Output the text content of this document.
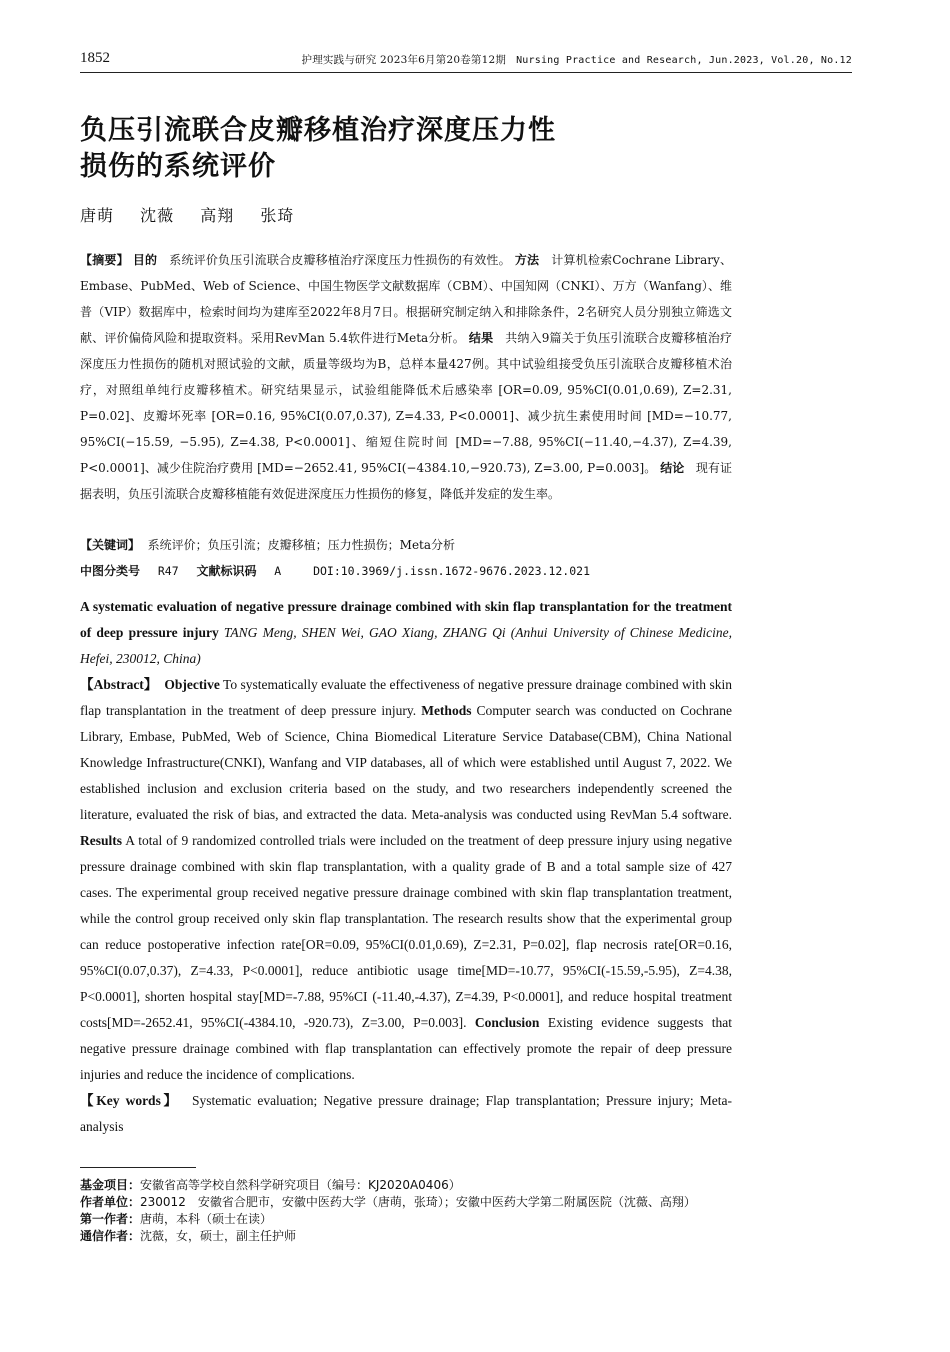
1852	护理实践与研究 2023年6月第20卷第12期 Nursing Practice and Research, Jun.2023, Vol.20, No.12
负压引流联合皮瓣移植治疗深度压力性
损伤的系统评价
唐萌 沈薇 高翔 张琦

【摘要】 目的 系统评价负压引流联合皮瓣移植治疗深度压力性损伤的有效性。 方法 计算机检索Cochrane Library、Embase、PubMed、Web of Science、中国生物医学文献数据库（CBM）、中国知网（CNKI）、万方（Wanfang）、维普（VIP）数据库中，检索时间均为建库至2022年8月7日。根据研究制定纳入和排除条件，2名研究人员分别独立筛选文献、评价偏倚风险和提取资料。采用RevMan 5.4软件进行Meta分析。 结果 共纳入9篇关于负压引流联合皮瓣移植治疗深度压力性损伤的随机对照试验的文献，质量等级均为B，总样本量427例。其中试验组接受负压引流联合皮瓣移植术治疗，对照组单纯行皮瓣移植术。研究结果显示，试验组能降低术后感染率 [OR=0.09, 95%CI(0.01,0.69), Z=2.31, P=0.02]、皮瓣坏死率 [OR=0.16, 95%CI(0.07,0.37), Z=4.33, P<0.0001]、减少抗生素使用时间 [MD=−10.77, 95%CI(−15.59, −5.95), Z=4.38, P<0.0001]、缩短住院时间 [MD=−7.88, 95%CI(−11.40,−4.37), Z=4.39, P<0.0001]、减少住院治疗费用 [MD=−2652.41, 95%CI(−4384.10,−920.73), Z=3.00, P=0.003]。 结论 现有证据表明，负压引流联合皮瓣移植能有效促进深度压力性损伤的修复，降低并发症的发生率。

【关键词】 系统评价；负压引流；皮瓣移植；压力性损伤；Meta分析
中图分类号 R47 文献标识码 A	DOI:10.3969/j.issn.1672-9676.2023.12.021

A systematic evaluation of negative pressure drainage combined with skin flap transplantation for the treatment of deep pressure injury TANG Meng, SHEN Wei, GAO Xiang, ZHANG Qi (Anhui University of Chinese Medicine, Hefei, 230012, China)

【Abstract】 Objective To systematically evaluate the effectiveness of negative pressure drainage combined with skin flap transplantation in the treatment of deep pressure injury. Methods Computer search was conducted on Cochrane Library, Embase, PubMed, Web of Science, China Biomedical Literature Service Database(CBM), China National Knowledge Infrastructure(CNKI), Wanfang and VIP databases, all of which were established until August 7, 2022. We established inclusion and exclusion criteria based on the study, and two researchers independently screened the literature, evaluated the risk of bias, and extracted the data. Meta-analysis was conducted using RevMan 5.4 software. Results A total of 9 randomized controlled trials were included on the treatment of deep pressure injury using negative pressure drainage combined with skin flap transplantation, with a quality grade of B and a total sample size of 427 cases. The experimental group received negative pressure drainage combined with skin flap transplantation treatment, while the control group received only skin flap transplantation. The research results show that the experimental group can reduce postoperative infection rate[OR=0.09, 95%CI(0.01,0.69), Z=2.31, P=0.02], flap necrosis rate[OR=0.16, 95%CI(0.07,0.37), Z=4.33, P<0.0001], reduce antibiotic usage time[MD=-10.77, 95%CI(-15.59,-5.95), Z=4.38, P<0.0001], shorten hospital stay[MD=-7.88, 95%CI (-11.40,-4.37), Z=4.39, P<0.0001], and reduce hospital treatment costs[MD=-2652.41, 95%CI(-4384.10, -920.73), Z=3.00, P=0.003]. Conclusion Existing evidence suggests that negative pressure drainage combined with flap transplantation can effectively promote the repair of deep pressure injuries and reduce the incidence of complications.

【Key words】 Systematic evaluation; Negative pressure drainage; Flap transplantation; Pressure injury; Meta-analysis

基金项目：安徽省高等学校自然科学研究项目（编号：KJ2020A0406）

作者单位：230012　安徽省合肥市，安徽中医药大学（唐萌，张琦）；安徽中医药大学第二附属医院（沈薇、高翔）

第一作者：唐萌，本科（硕士在读）

通信作者：沈薇，女，硕士，副主任护师
